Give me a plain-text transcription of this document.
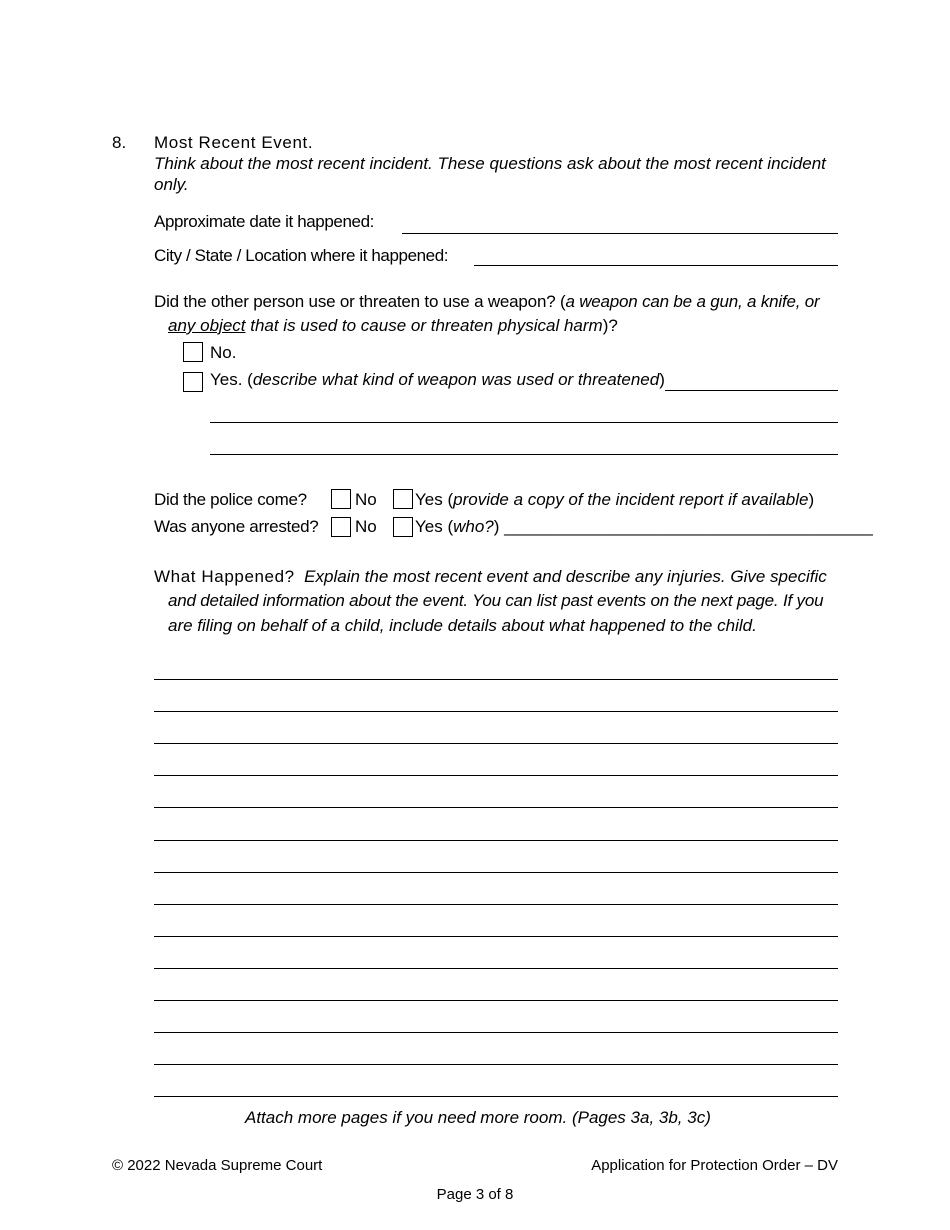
8. Most Recent Event.
Think about the most recent incident. These questions ask about the most recent incident
only.
Approximate date it happened:
City / State / Location where it happened:
Did the other person use or threaten to use a weapon? (a weapon can be a gun, a knife, or
any object that is used to cause or threaten physical harm)?
No.
Yes. (describe what kind of weapon was used or threatened)
Did the police come?	No Yes (provide a copy of the incident report if available)
Was anyone arrested? No Yes (who?) _______________________________________
What Happened? Explain the most recent event and describe any injuries. Give specific
and detailed information about the event. You can list past events on the next page. If you
are filing on behalf of a child, include details about what happened to the child.
Attach more pages if you need more room. (Pages 3a, 3b, 3c)
© 2022 Nevada Supreme Court	Application for Protection Order – DV
Page 3 of 8
